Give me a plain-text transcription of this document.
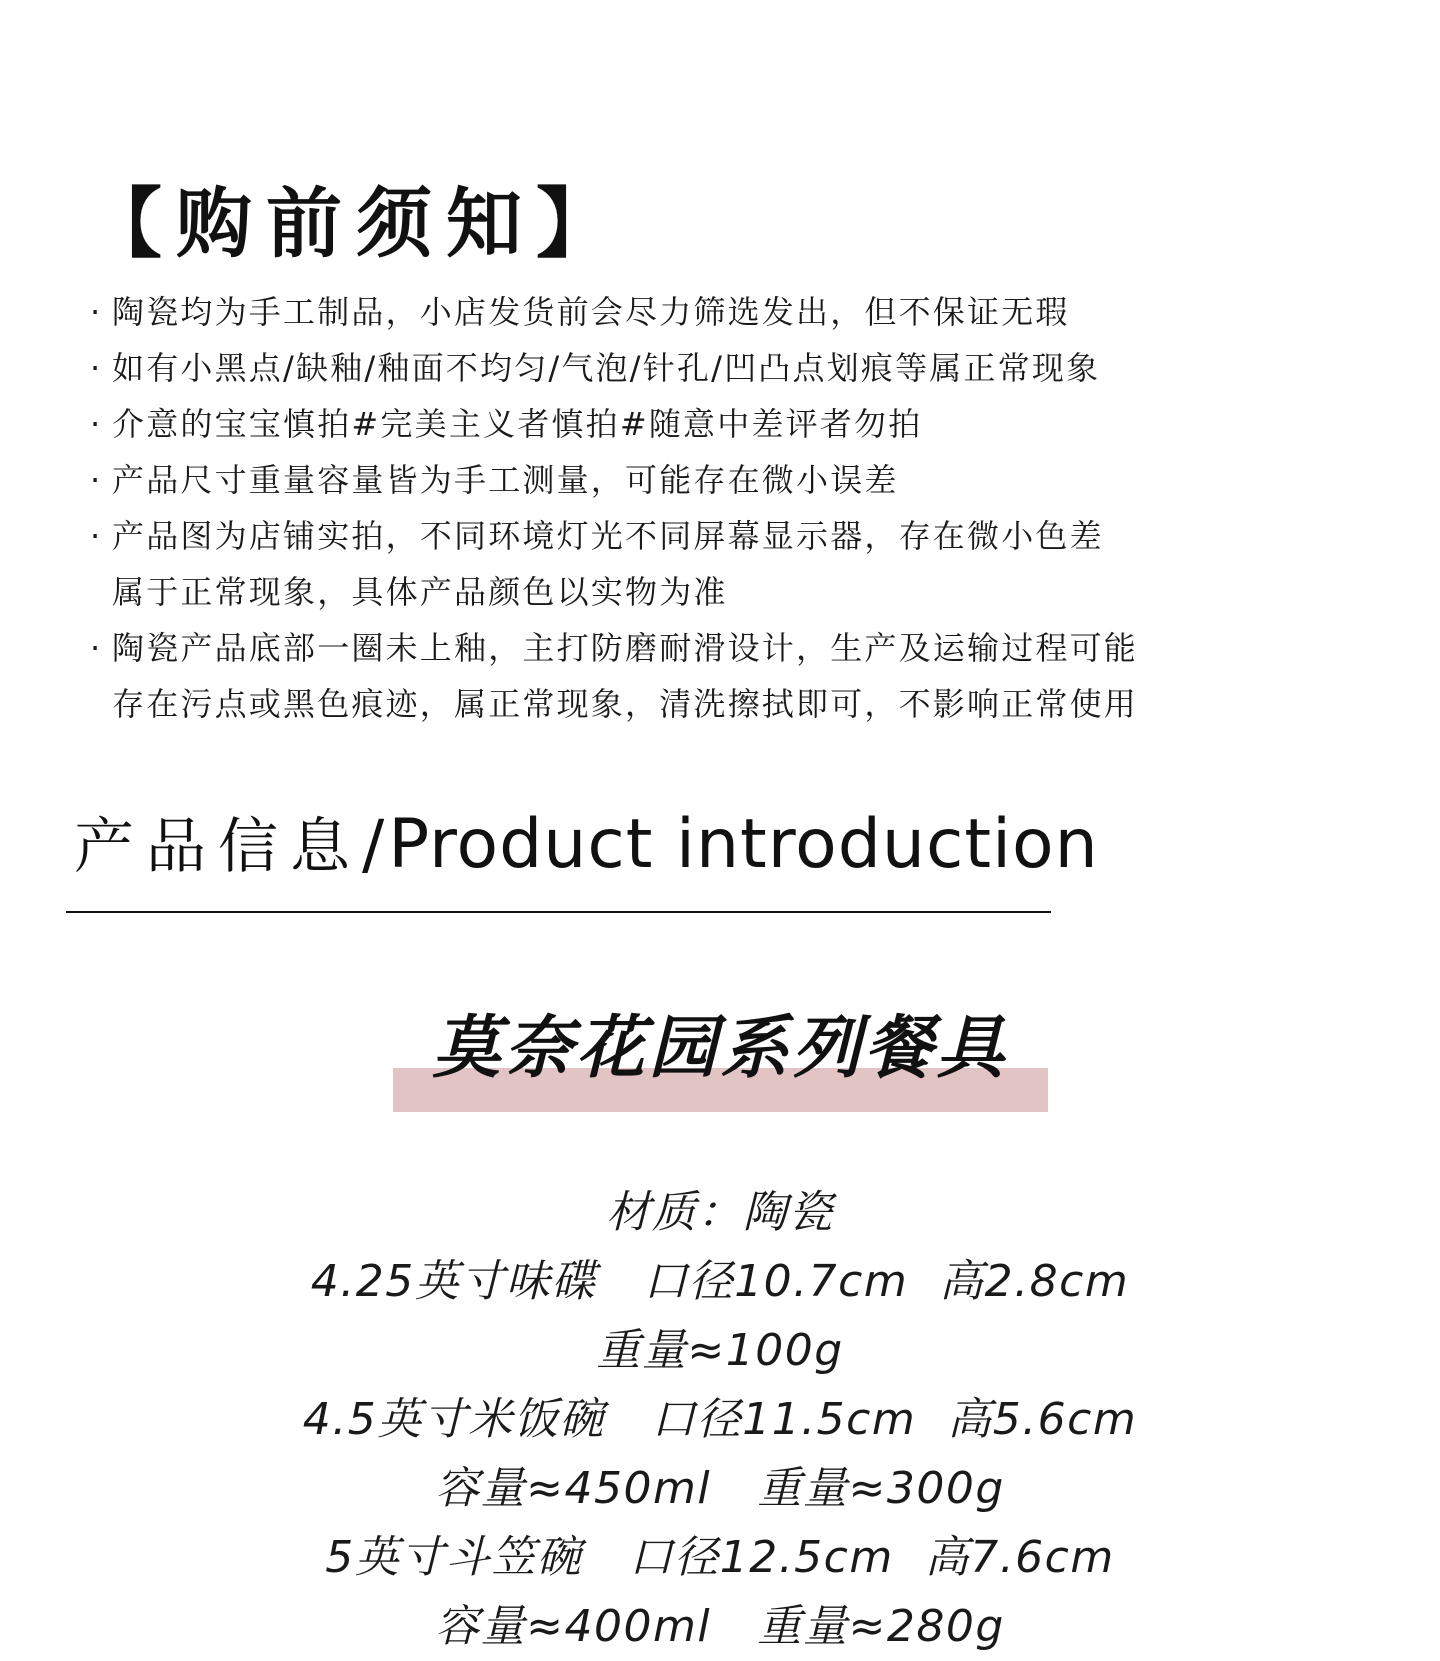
【购前须知】
· 陶瓷均为手工制品，小店发货前会尽力筛选发出，但不保证无瑕
· 如有小黑点/缺釉/釉面不均匀/气泡/针孔/凹凸点划痕等属正常现象
· 介意的宝宝慎拍#完美主义者慎拍#随意中差评者勿拍
· 产品尺寸重量容量皆为手工测量，可能存在微小误差
· 产品图为店铺实拍，不同环境灯光不同屏幕显示器，存在微小色差
属于正常现象，具体产品颜色以实物为准
· 陶瓷产品底部一圈未上釉，主打防磨耐滑设计，生产及运输过程可能
存在污点或黑色痕迹，属正常现象，清洗擦拭即可，不影响正常使用
产品信息/Product introduction
莫奈花园系列餐具
材质：陶瓷
4.25英寸味碟   口径10.7cm  高2.8cm
重量≈100g
4.5英寸米饭碗   口径11.5cm  高5.6cm
容量≈450ml   重量≈300g
5英寸斗笠碗   口径12.5cm  高7.6cm
容量≈400ml   重量≈280g
